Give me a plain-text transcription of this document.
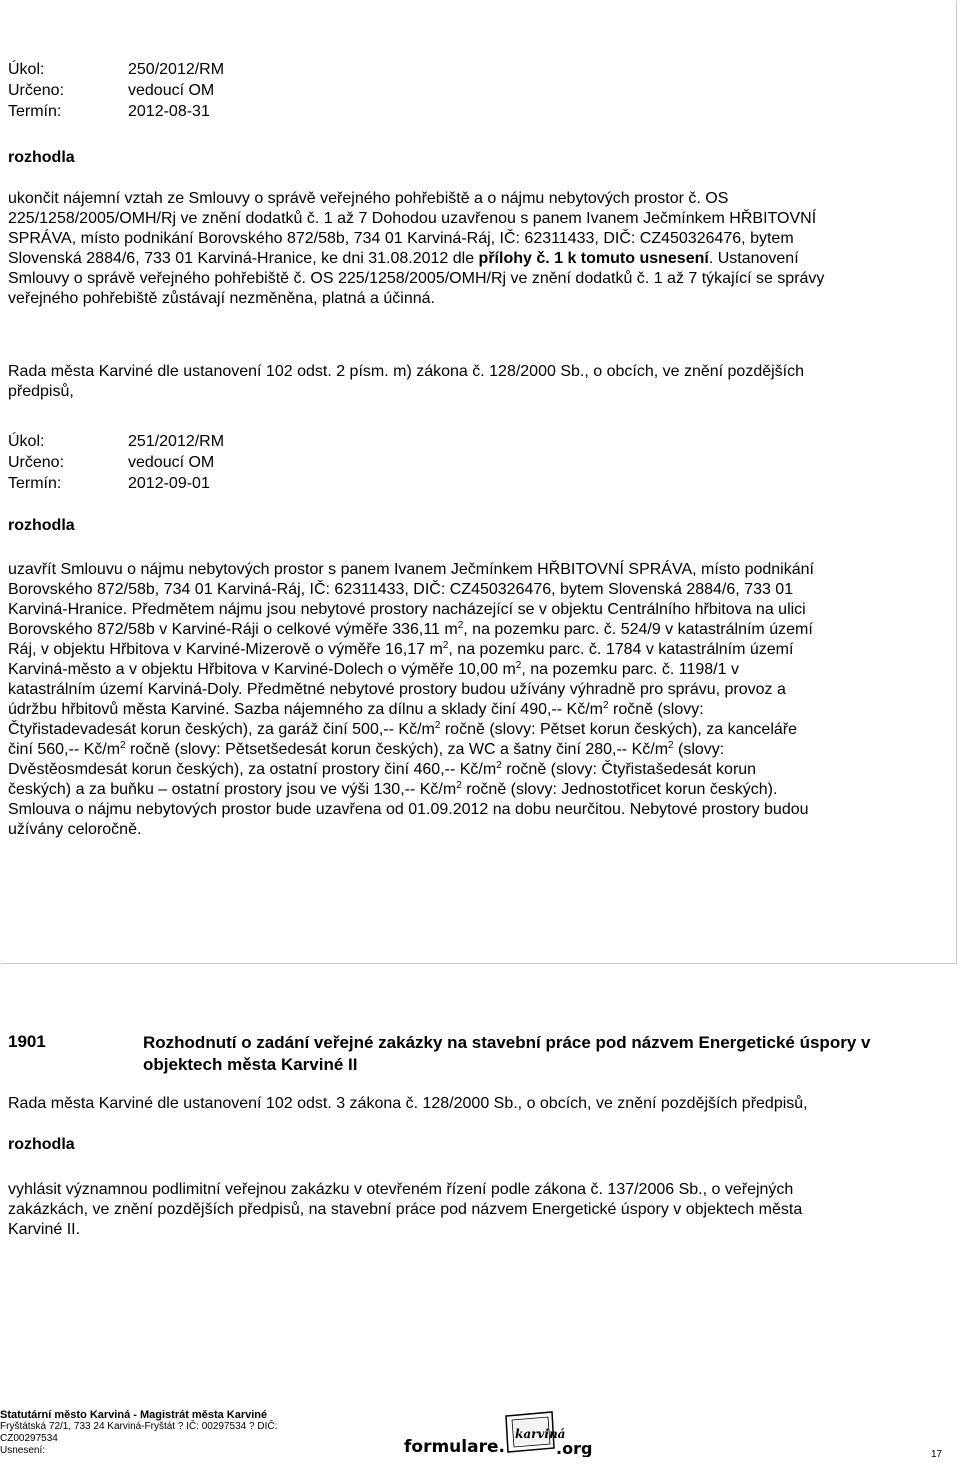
Úkol:	250/2012/RM
Určeno:	vedoucí OM
Termín:	2012-08-31
rozhodla
ukončit nájemní vztah ze Smlouvy o správě veřejného pohřebiště a o nájmu nebytových prostor č. OS
225/1258/2005/OMH/Rj ve znění dodatků č. 1 až 7 Dohodou uzavřenou s panem Ivanem Ječmínkem HŘBITOVNÍ
SPRÁVA, místo podnikání Borovského 872/58b, 734 01 Karviná-Ráj, IČ: 62311433, DIČ: CZ450326476, bytem
Slovenská 2884/6, 733 01 Karviná-Hranice, ke dni 31.08.2012 dle přílohy č. 1 k tomuto usnesení. Ustanovení
Smlouvy o správě veřejného pohřebiště č. OS 225/1258/2005/OMH/Rj ve znění dodatků č. 1 až 7 týkající se správy
veřejného pohřebiště zůstávají nezměněna, platná a účinná.
Rada města Karviné dle ustanovení 102 odst. 2 písm. m) zákona č. 128/2000 Sb., o obcích, ve znění pozdějších
předpisů,
Úkol:	251/2012/RM
Určeno:	vedoucí OM
Termín:	2012-09-01
rozhodla
uzavřít Smlouvu o nájmu nebytových prostor s panem Ivanem Ječmínkem HŘBITOVNÍ SPRÁVA, místo podnikání
Borovského 872/58b, 734 01 Karviná-Ráj, IČ: 62311433, DIČ: CZ450326476, bytem Slovenská 2884/6, 733 01
Karviná-Hranice. Předmětem nájmu jsou nebytové prostory nacházející se v objektu Centrálního hřbitova na ulici
Borovského 872/58b v Karviné-Ráji o celkové výměře 336,11 $m^2$, na pozemku parc. č. 524/9 v katastrálním území
Ráj, v objektu Hřbitova v Karviné-Mizerově o výměře 16,17 $m^2$, na pozemku parc. č. 1784 v katastrálním území
Karviná-město a v objektu Hřbitova v Karviné-Dolech o výměře 10,00 $m^2$, na pozemku parc. č. 1198/1 v
katastrálním území Karviná-Doly. Předmětné nebytové prostory budou užívány výhradně pro správu, provoz a
údržbu hřbitovů města Karviné. Sazba nájemného za dílnu a sklady činí 490,-- $Kč/m^2$ ročně (slovy:
Čtyřistadevadesát korun českých), za garáž činí 500,-- $Kč/m^2$ ročně (slovy: Pětset korun českých), za kanceláře
činí 560,-- $Kč/m^2$ ročně (slovy: Pětsetšedesát korun českých), za WC a šatny činí 280,-- $Kč/m^2$ (slovy:
Dvěstěosmdesát korun českých), za ostatní prostory činí 460,-- $Kč/m^2$ ročně (slovy: Čtyřistašedesát korun
českých) a za buňku – ostatní prostory jsou ve výši 130,-- $Kč/m^2$ ročně (slovy: Jednostotřicet korun českých).
Smlouva o nájmu nebytových prostor bude uzavřena od 01.09.2012 na dobu neurčitou. Nebytové prostory budou
užívány celoročně.
1901	Rozhodnutí o zadání veřejné zakázky na stavební práce pod názvem Energetické úspory v objektech města Karviné II
Rada města Karviné dle ustanovení 102 odst. 3 zákona č. 128/2000 Sb., o obcích, ve znění pozdějších předpisů,
rozhodla
vyhlásit významnou podlimitní veřejnou zakázku v otevřeném řízení podle zákona č. 137/2006 Sb., o veřejných
zakázkách, ve znění pozdějších předpisů, na stavební práce pod názvem Energetické úspory v objektech města
Karviné II.
Statutární město Karviná - Magistrát města Karviné
Fryštátská 72/1, 733 24 Karviná-Fryštát ? IČ: 00297534 ? DIČ:
CZ00297534
Usnesení:	formulare.
karviná
.org	17
